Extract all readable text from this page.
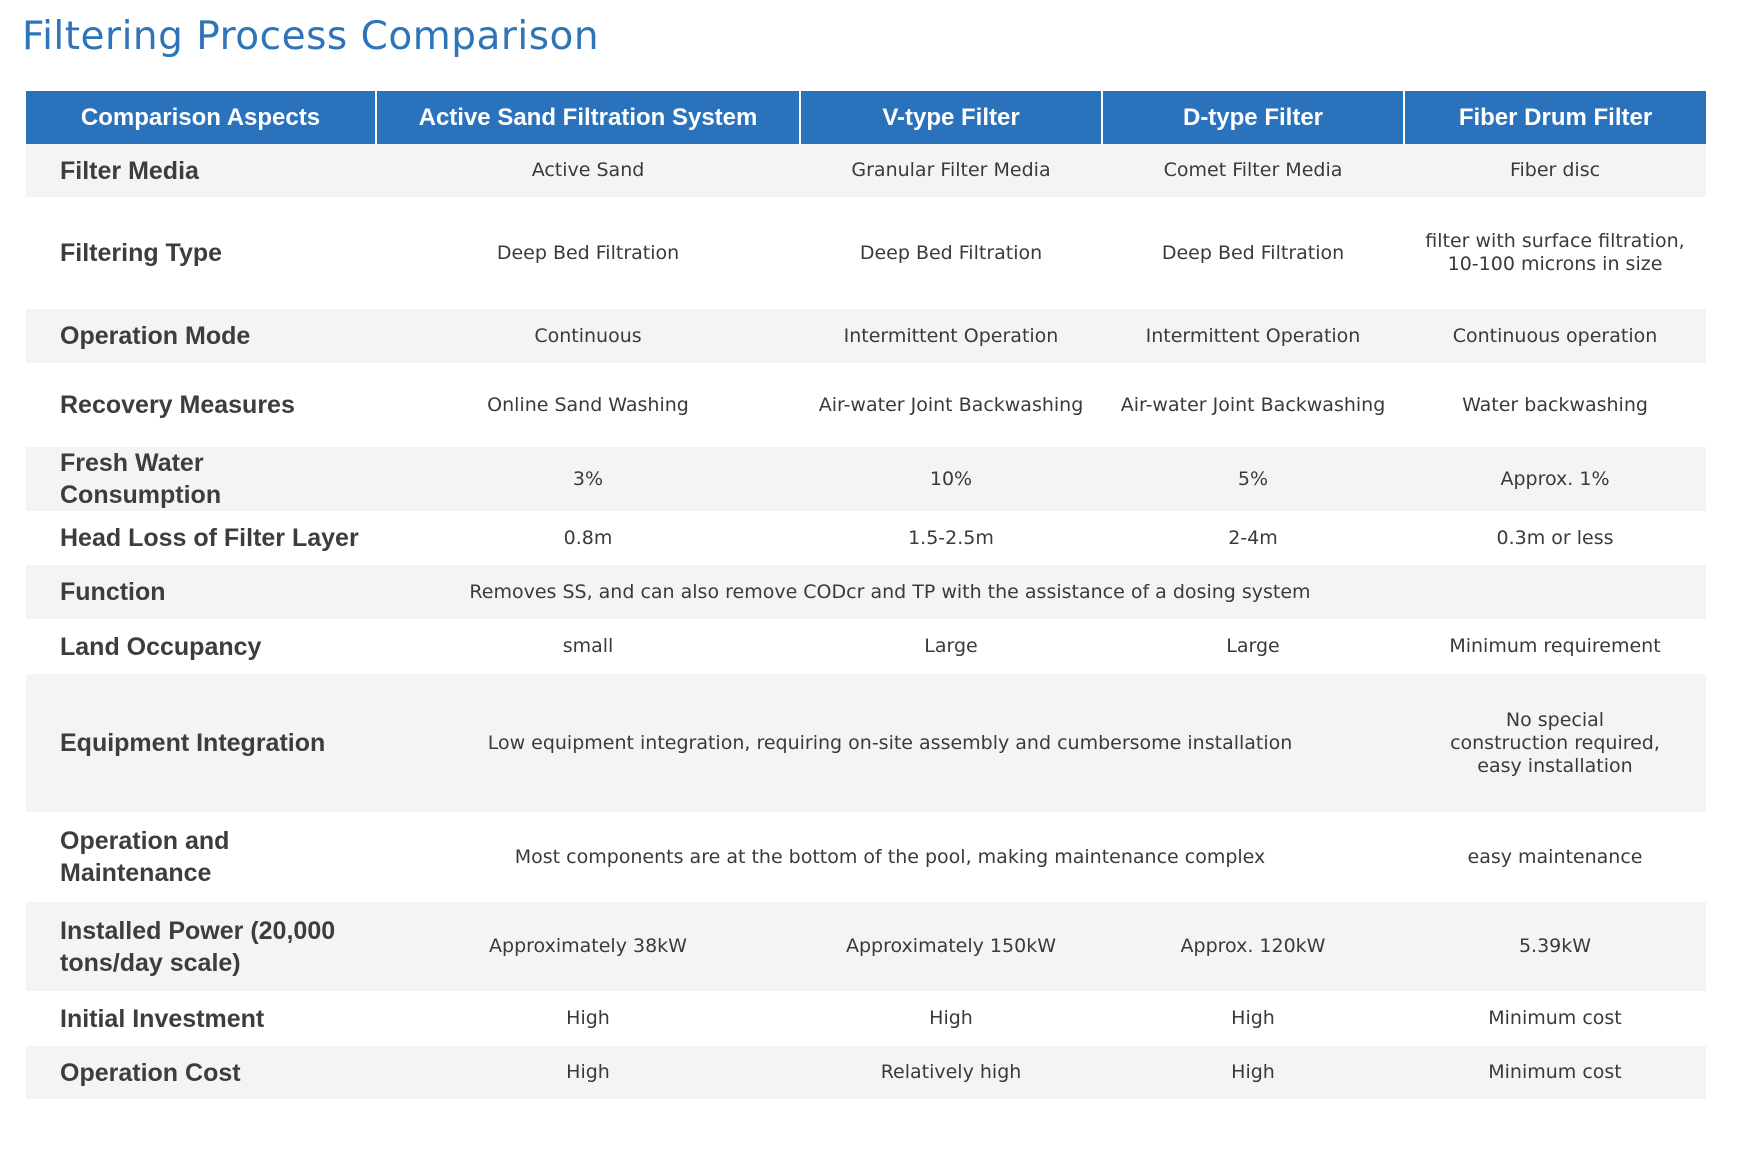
Filtering Process Comparison
Comparison Aspects	Active Sand Filtration System	V-type Filter	D-type Filter	Fiber Drum Filter
Filter Media	Active Sand	Granular Filter Media	Comet Filter Media	Fiber disc
Filtering Type	Deep Bed Filtration	Deep Bed Filtration	Deep Bed Filtration	filter with surface filtration, 10-100 microns in size
Operation Mode	Continuous	Intermittent Operation	Intermittent Operation	Continuous operation
Recovery Measures	Online Sand Washing	Air-water Joint Backwashing	Air-water Joint Backwashing	Water backwashing
Fresh Water Consumption	3%	10%	5%	Approx. 1%
Head Loss of Filter Layer	0.8m	1.5-2.5m	2-4m	0.3m or less
Function	Removes SS, and can also remove CODcr and TP with the assistance of a dosing system			
Land Occupancy	small	Large	Large	Minimum requirement
Equipment Integration	Low equipment integration, requiring on-site assembly and cumbersome installation			No special construction required, easy installation
Operation and Maintenance	Most components are at the bottom of the pool, making maintenance complex			easy maintenance
Installed Power (20,000 tons/day scale)	Approximately 38kW	Approximately 150kW	Approx. 120kW	5.39kW
Initial Investment	High	High	High	Minimum cost
Operation Cost	High	Relatively high	High	Minimum cost
